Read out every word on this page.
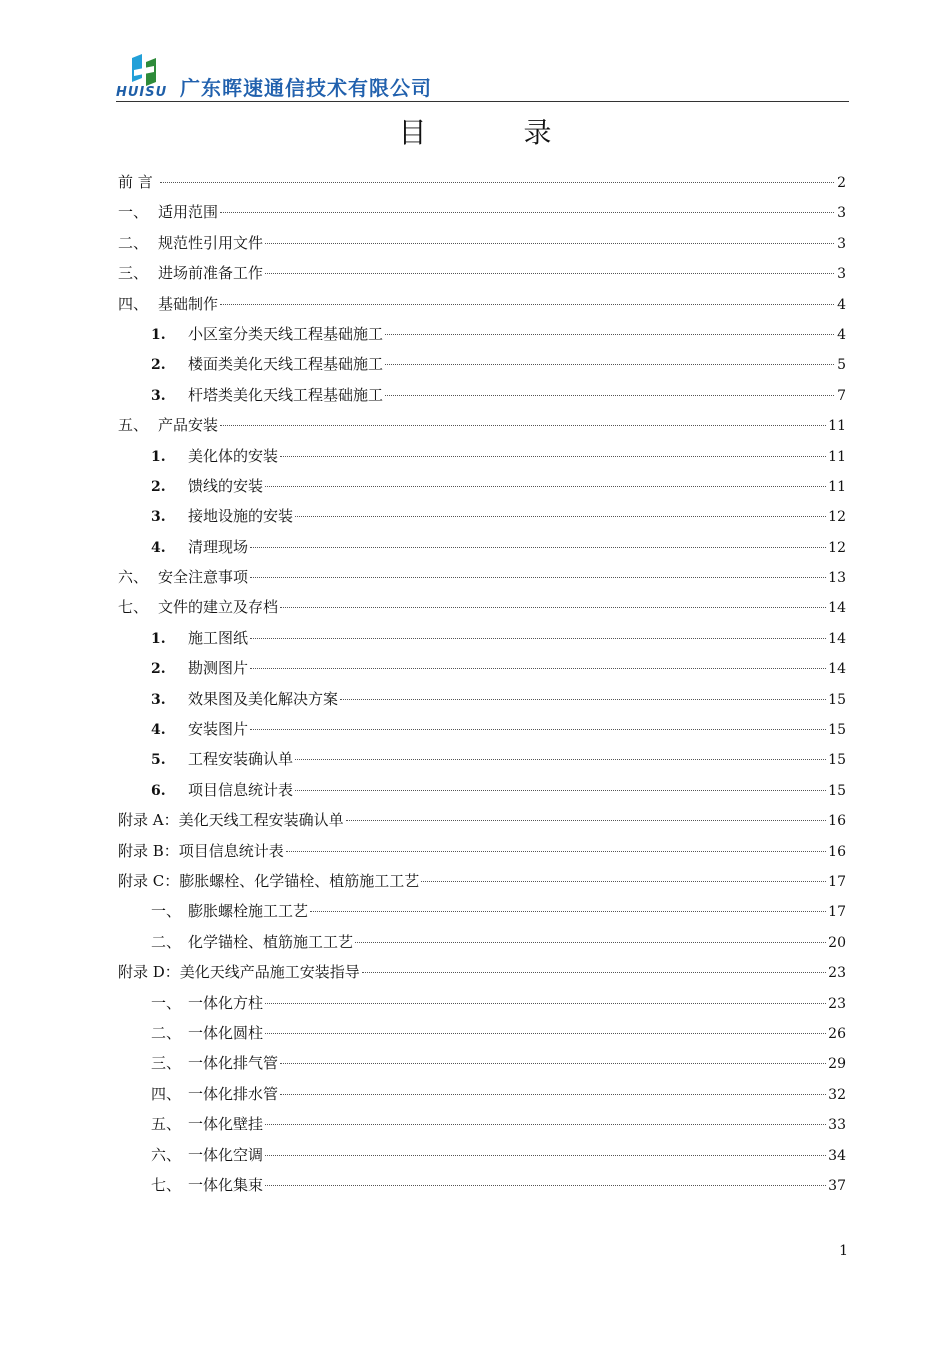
HUISU 广东晖速通信技术有限公司
目 录
前 言	2
一、 适用范围	3
二、 规范性引用文件	3
三、 进场前准备工作	3
四、 基础制作	4
1.	小区室分类天线工程基础施工	4
2.	楼面类美化天线工程基础施工	5
3.	杆塔类美化天线工程基础施工	7
五、 产品安装	11
1.	美化体的安装	11
2.	馈线的安装	11
3.	接地设施的安装	12
4.	清理现场	12
六、 安全注意事项	13
七、 文件的建立及存档	14
1.	施工图纸	14
2.	勘测图片	14
3.	效果图及美化解决方案	15
4.	安装图片	15
5.	工程安装确认单	15
6.	项目信息统计表	15
附录 A：美化天线工程安装确认单	16
附录 B：项目信息统计表	16
附录 C：膨胀螺栓、化学锚栓、植筋施工工艺	17
一、 膨胀螺栓施工工艺	17
二、 化学锚栓、植筋施工工艺	20
附录 D：美化天线产品施工安装指导	23
一、 一体化方柱	23
二、 一体化圆柱	26
三、 一体化排气管	29
四、 一体化排水管	32
五、 一体化壁挂	33
六、 一体化空调	34
七、 一体化集束	37
1
